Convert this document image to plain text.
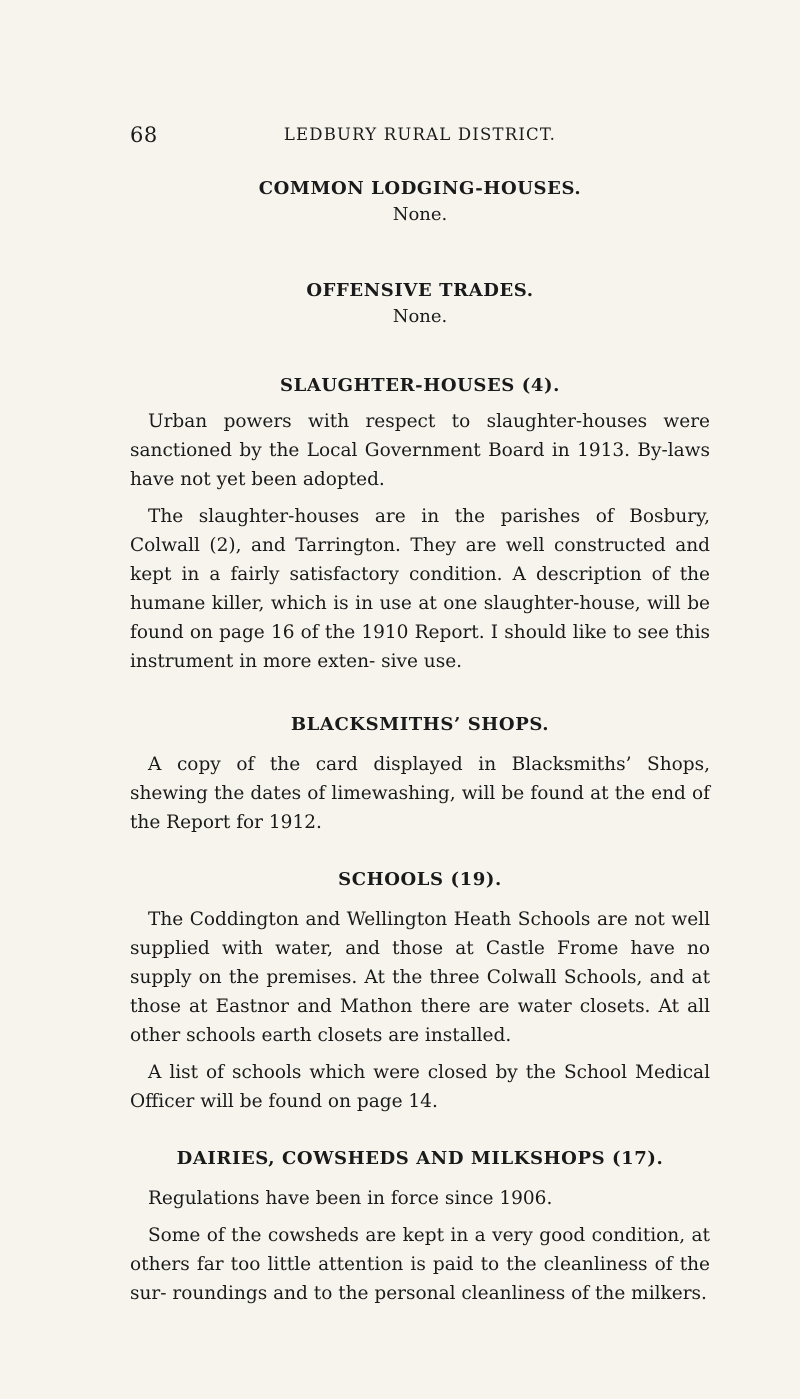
68	LEDBURY RURAL DISTRICT.
COMMON LODGING-HOUSES.
None.
OFFENSIVE TRADES.
None.
SLAUGHTER-HOUSES (4).

Urban powers with respect to slaughter-houses were sanctioned by the Local Government Board in 1913. By-laws have not yet been adopted.

The slaughter-houses are in the parishes of Bosbury, Colwall (2), and Tarrington. They are well constructed and kept in a fairly satisfactory condition. A description of the humane killer, which is in use at one slaughter-house, will be found on page 16 of the 1910 Report. I should like to see this instrument in more exten- sive use.

BLACKSMITHS’ SHOPS.

A copy of the card displayed in Blacksmiths’ Shops, shewing the dates of limewashing, will be found at the end of the Report for 1912.

SCHOOLS (19).

The Coddington and Wellington Heath Schools are not well supplied with water, and those at Castle Frome have no supply on the premises. At the three Colwall Schools, and at those at Eastnor and Mathon there are water closets. At all other schools earth closets are installed.

A list of schools which were closed by the School Medical Officer will be found on page 14.

DAIRIES, COWSHEDS AND MILKSHOPS (17).

Regulations have been in force since 1906.

Some of the cowsheds are kept in a very good condition, at others far too little attention is paid to the cleanliness of the sur- roundings and to the personal cleanliness of the milkers.
